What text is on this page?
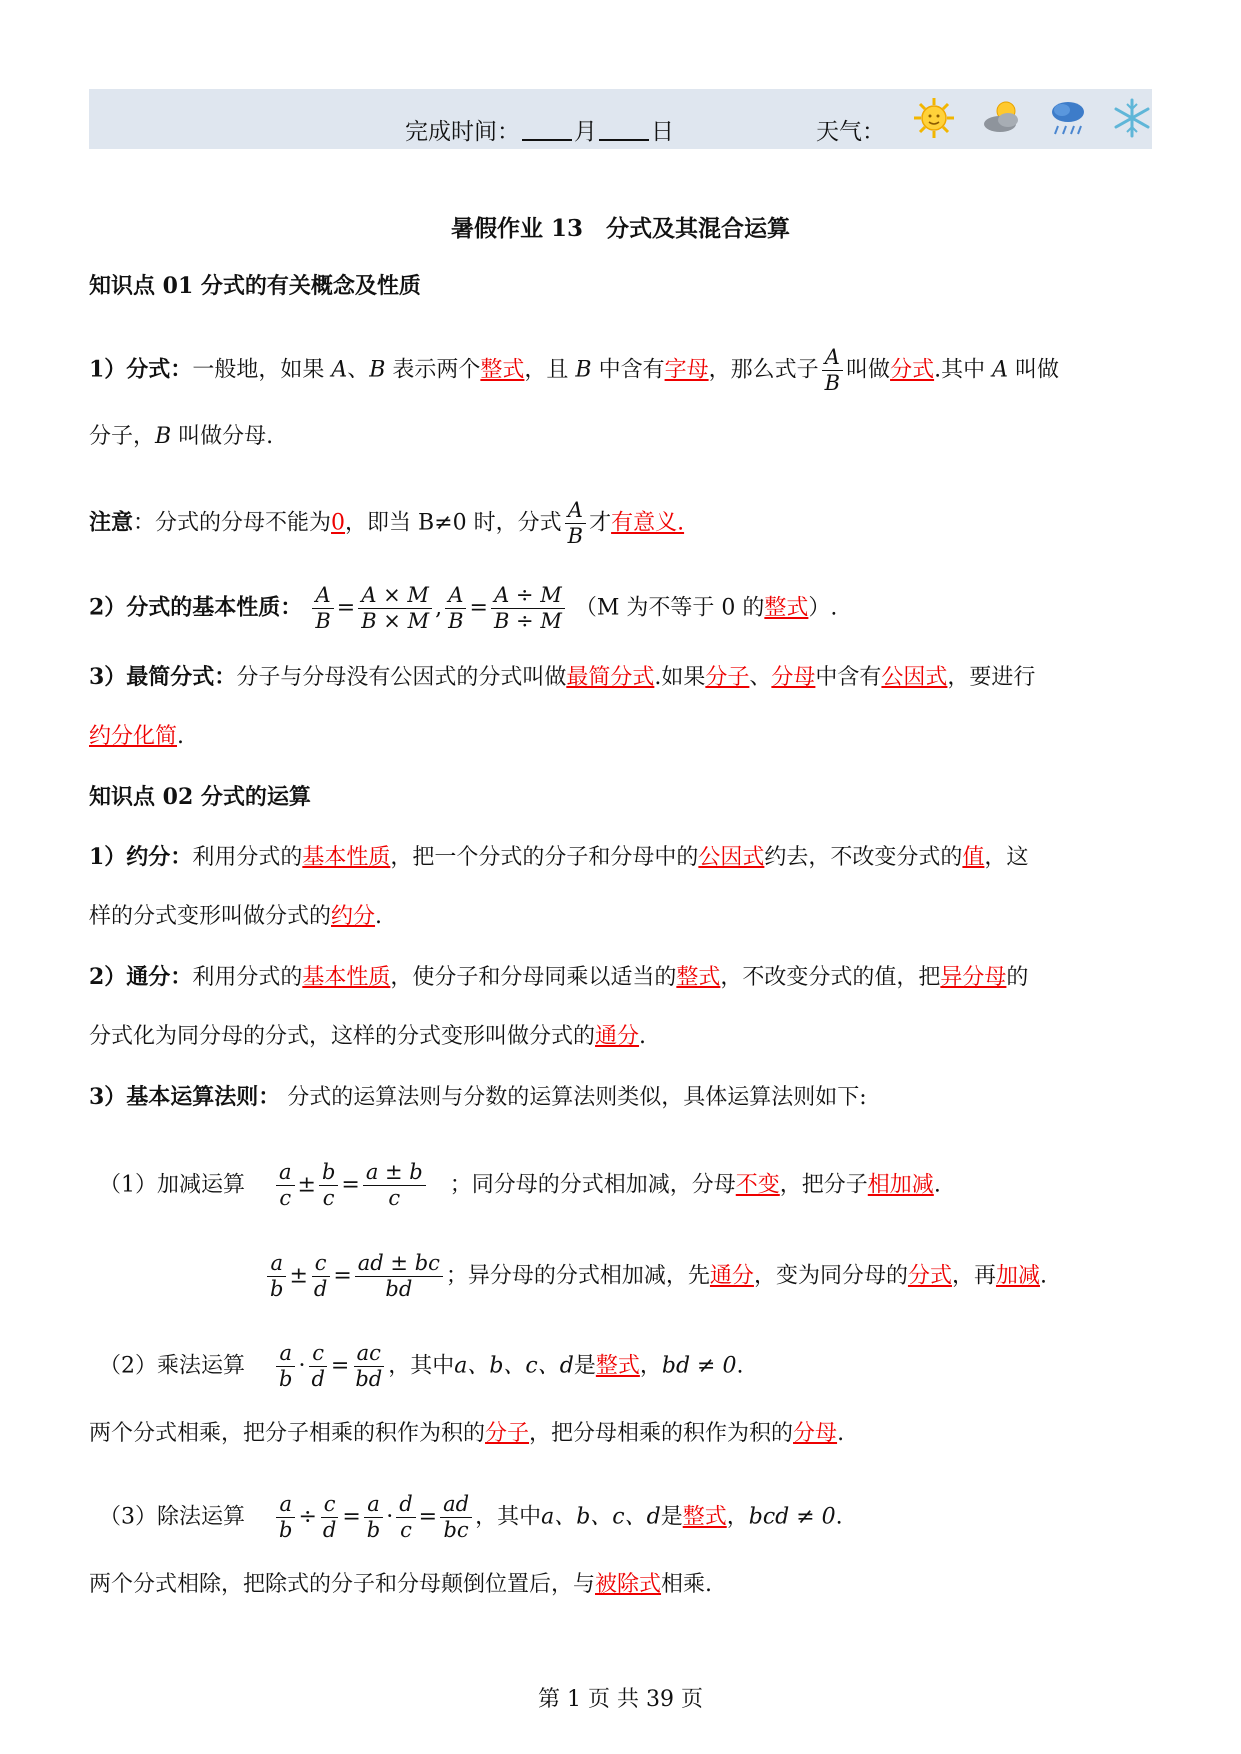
完成时间： 月 日	天气：
暑假作业 13　分式及其混合运算
知识点 01 分式的有关概念及性质
1）分式：一般地，如果 A、B 表示两个整式，且 B 中含有字母，那么式子 $\frac{A}{B}$ 叫做分式.其中 A 叫做
分子，B 叫做分母.
注意：分式的分母不能为0，即当 B≠0 时，分式 $\frac{A}{B}$ 才有意义.
2）分式的基本性质： $\frac{A}{B} = \frac{A \times M}{B \times M}$ , $\frac{A}{B} = \frac{A \div M}{B \div M} (M$ 为不等于 0 的整式）.
3）最简分式：分子与分母没有公因式的分式叫做最简分式.如果分子、分母中含有公因式，要进行
约分化简.
知识点 02 分式的运算
1）约分：利用分式的基本性质，把一个分式的分子和分母中的公因式约去，不改变分式的值，这
样的分式变形叫做分式的约分.
2）通分：利用分式的基本性质，使分子和分母同乘以适当的整式，不改变分式的值，把异分母的
分式化为同分母的分式，这样的分式变形叫做分式的通分.
3）基本运算法则： 分式的运算法则与分数的运算法则类似，具体运算法则如下:
（1）加减运算 $\frac{a}{c} \pm \frac{b}{c} = \frac{a \pm b}{c}$ ；同分母的分式相加减，分母不变，把分子相加减.
$\frac{a}{b} \pm \frac{c}{d} = \frac{ad \pm bc}{bd}$ ；异分母的分式相加减，先通分，变为同分母的分式，再加减.
（2）乘法运算 $\frac{a}{b} \cdot \frac{c}{d} = \frac{ac}{bd}$ ，其中a、b、c、d是整式，bd ≠ 0.
两个分式相乘，把分子相乘的积作为积的分子，把分母相乘的积作为积的分母.
（3）除法运算 $\frac{a}{b} \div \frac{c}{d} = \frac{a}{b} \cdot \frac{d}{c} = \frac{ad}{bc}$ ，其中a、b、c、d是整式，bcd ≠ 0.
两个分式相除，把除式的分子和分母颠倒位置后，与被除式相乘.
第 1 页 共 39 页
